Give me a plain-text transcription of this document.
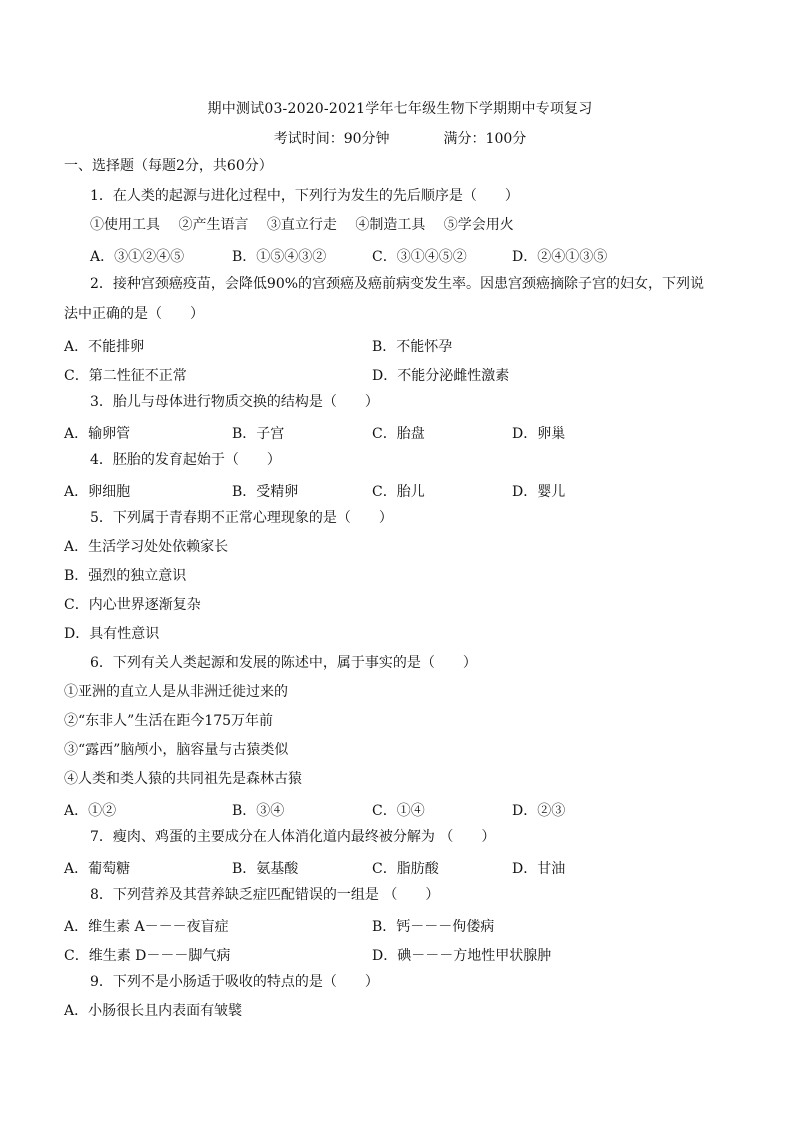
期中测试03-2020-2021学年七年级生物下学期期中专项复习
考试时间：90分钟	满分：100分
一、选择题（每题2分，共60分）
1．在人类的起源与进化过程中，下列行为发生的先后顺序是（　　）
①使用工具　 ②产生语言　 ③直立行走　 ④制造工具　 ⑤学会用火
A．③①②④⑤	B．①⑤④③②	C．③①④⑤②	D．②④①③⑤
2．接种宫颈癌疫苗，会降低90%的宫颈癌及癌前病变发生率。因患宫颈癌摘除子宫的妇女，下列说
法中正确的是（　　）
A．不能排卵	B．不能怀孕
C．第二性征不正常	D．不能分泌雌性激素
3．胎儿与母体进行物质交换的结构是（　　）
A．输卵管	B．子宫	C．胎盘	D．卵巢
4．胚胎的发育起始于（　　）
A．卵细胞	B．受精卵	C．胎儿	D．婴儿
5．下列属于青春期不正常心理现象的是（　　）
A．生活学习处处依赖家长
B．强烈的独立意识
C．内心世界逐渐复杂
D．具有性意识
6．下列有关人类起源和发展的陈述中，属于事实的是（　　）
①亚洲的直立人是从非洲迁徙过来的
②“东非人”生活在距今175万年前
③“露西”脑颅小，脑容量与古猿类似
④人类和类人猿的共同祖先是森林古猿
A．①②	B．③④	C．①④	D．②③
7．瘦肉、鸡蛋的主要成分在人体消化道内最终被分解为 （　　）
A．葡萄糖	B．氨基酸	C．脂肪酸	D．甘油
8．下列营养及其营养缺乏症匹配错误的一组是 （　　）
A．维生素 A－－－夜盲症	B．钙－－－佝偻病
C．维生素 D－－－脚气病	D．碘－－－方地性甲状腺肿
9．下列不是小肠适于吸收的特点的是（　　）
A．小肠很长且内表面有皱襞
